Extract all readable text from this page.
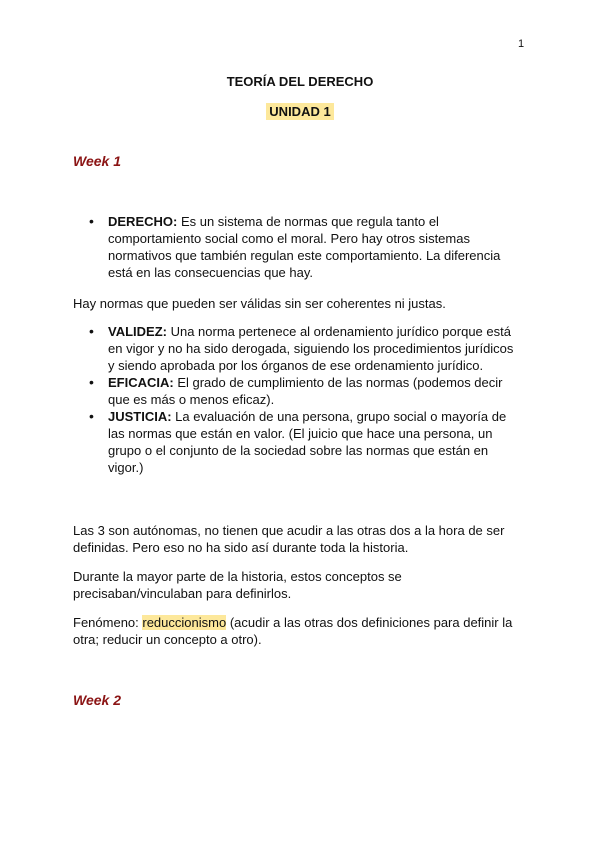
1
TEORÍA DEL DERECHO
UNIDAD 1
Week 1
• DERECHO: Es un sistema de normas que regula tanto el comportamiento social como el moral. Pero hay otros sistemas normativos que también regulan este comportamiento. La diferencia está en las consecuencias que hay.

Hay normas que pueden ser válidas sin ser coherentes ni justas.

• VALIDEZ: Una norma pertenece al ordenamiento jurídico porque está en vigor y no ha sido derogada, siguiendo los procedimientos jurídicos y siendo aprobada por los órganos de ese ordenamiento jurídico.
• EFICACIA: El grado de cumplimiento de las normas (podemos decir que es más o menos eficaz).
• JUSTICIA: La evaluación de una persona, grupo social o mayoría de las normas que están en valor. (El juicio que hace una persona, un grupo o el conjunto de la sociedad sobre las normas que están en vigor.)

Las 3 son autónomas, no tienen que acudir a las otras dos a la hora de ser definidas. Pero eso no ha sido así durante toda la historia.

Durante la mayor parte de la historia, estos conceptos se precisaban/vinculaban para definirlos.

Fenómeno: reduccionismo (acudir a las otras dos definiciones para definir la otra; reducir un concepto a otro).

Week 2
